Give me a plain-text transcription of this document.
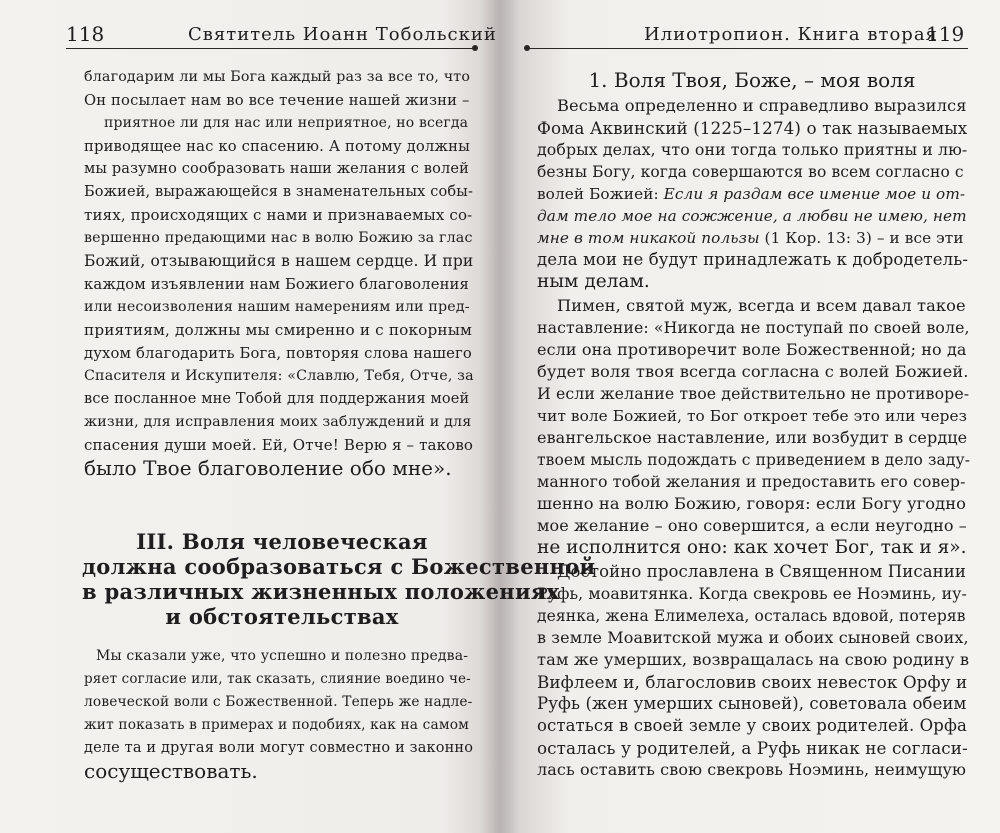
118	Святитель Иоанн Тобольский
благодарим ли мы Бога каждый раз за все то, что
Он посылает нам во все течение нашей жизни –
приятное ли для нас или неприятное, но всегда
приводящее нас ко спасению. А потому должны
мы разумно сообразовать наши желания с волей
Божией, выражающейся в знаменательных собы-
тиях, происходящих с нами и признаваемых со-
вершенно предающими нас в волю Божию за глас
Божий, отзывающийся в нашем сердце. И при
каждом изъявлении нам Божиего благоволения
или несоизволения нашим намерениям или пред-
приятиям, должны мы смиренно и с покорным
духом благодарить Бога, повторяя слова нашего
Спасителя и Искупителя: «Славлю, Тебя, Отче, за
все посланное мне Тобой для поддержания моей
жизни, для исправления моих заблуждений и для
спасения души моей. Ей, Отче! Верю я – таково
было Твое благоволение обо мне».
III. Воля человеческая
должна сообразоваться с Божественной
в различных жизненных положениях
и обстоятельствах
Мы сказали уже, что успешно и полезно предва-
ряет согласие или, так сказать, слияние воедино че-
ловеческой воли с Божественной. Теперь же надле-
жит показать в примерах и подобиях, как на самом
деле та и другая воли могут совместно и законно
сосуществовать.
Илиотропион. Книга вторая
119
1. Воля Твоя, Боже, – моя воля
Весьма определенно и справедливо выразился
Фома Аквинский (1225–1274) о так называемых
добрых делах, что они тогда только приятны и лю-
безны Богу, когда совершаются во всем согласно с
волей Божией: Если я раздам все имение мое и от-
дам тело мое на сожжение, а любви не имею, нет
мне в том никакой пользы (1 Кор. 13: 3) – и все эти
дела мои не будут принадлежать к добродетель-
ным делам.
Пимен, святой муж, всегда и всем давал такое
наставление: «Никогда не поступай по своей воле,
если она противоречит воле Божественной; но да
будет воля твоя всегда согласна с волей Божией.
И если желание твое действительно не противоре-
чит воле Божией, то Бог откроет тебе это или через
евангельское наставление, или возбудит в сердце
твоем мысль подождать с приведением в дело заду-
манного тобой желания и предоставить его совер-
шенно на волю Божию, говоря: если Богу угодно
мое желание – оно совершится, а если неугодно –
не исполнится оно: как хочет Бог, так и я».
Достойно прославлена в Священном Писании
Руфь, моавитянка. Когда свекровь ее Ноэминь, иу-
деянка, жена Елимелеха, осталась вдовой, потеряв
в земле Моавитской мужа и обоих сыновей своих,
там же умерших, возвращалась на свою родину в
Вифлеем и, благословив своих невесток Орфу и
Руфь (жен умерших сыновей), советовала обеим
остаться в своей земле у своих родителей. Орфа
осталась у родителей, а Руфь никак не согласи-
лась оставить свою свекровь Ноэминь, неимущую
